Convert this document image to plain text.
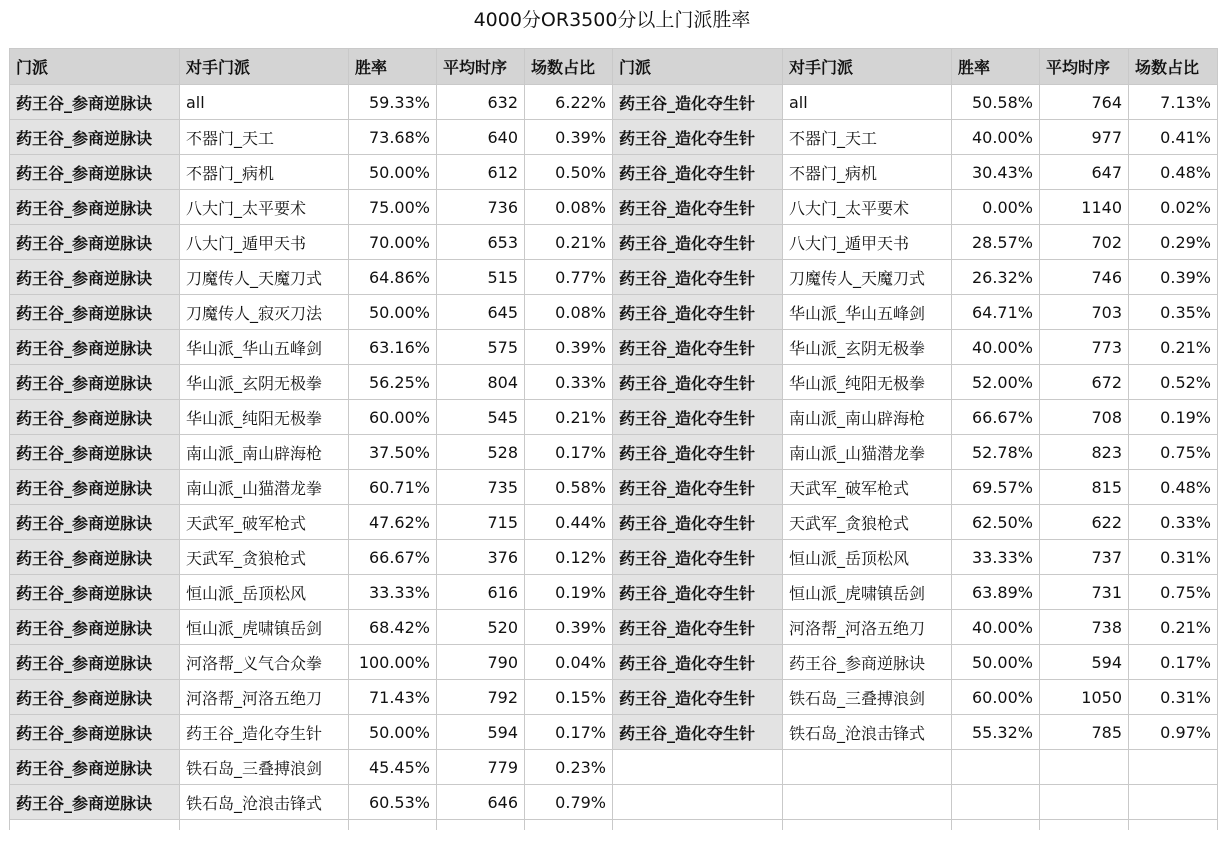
4000分OR3500分以上门派胜率
门派	对手门派	胜率	平均时序	场数占比	门派	对手门派	胜率	平均时序	场数占比
药王谷_参商逆脉诀	all	59.33%	632	6.22%	药王谷_造化夺生针	all	50.58%	764	7.13%
药王谷_参商逆脉诀	不器门_天工	73.68%	640	0.39%	药王谷_造化夺生针	不器门_天工	40.00%	977	0.41%
药王谷_参商逆脉诀	不器门_病机	50.00%	612	0.50%	药王谷_造化夺生针	不器门_病机	30.43%	647	0.48%
药王谷_参商逆脉诀	八大门_太平要术	75.00%	736	0.08%	药王谷_造化夺生针	八大门_太平要术	0.00%	1140	0.02%
药王谷_参商逆脉诀	八大门_遁甲天书	70.00%	653	0.21%	药王谷_造化夺生针	八大门_遁甲天书	28.57%	702	0.29%
药王谷_参商逆脉诀	刀魔传人_天魔刀式	64.86%	515	0.77%	药王谷_造化夺生针	刀魔传人_天魔刀式	26.32%	746	0.39%
药王谷_参商逆脉诀	刀魔传人_寂灭刀法	50.00%	645	0.08%	药王谷_造化夺生针	华山派_华山五峰剑	64.71%	703	0.35%
药王谷_参商逆脉诀	华山派_华山五峰剑	63.16%	575	0.39%	药王谷_造化夺生针	华山派_玄阴无极拳	40.00%	773	0.21%
药王谷_参商逆脉诀	华山派_玄阴无极拳	56.25%	804	0.33%	药王谷_造化夺生针	华山派_纯阳无极拳	52.00%	672	0.52%
药王谷_参商逆脉诀	华山派_纯阳无极拳	60.00%	545	0.21%	药王谷_造化夺生针	南山派_南山辟海枪	66.67%	708	0.19%
药王谷_参商逆脉诀	南山派_南山辟海枪	37.50%	528	0.17%	药王谷_造化夺生针	南山派_山猫潜龙拳	52.78%	823	0.75%
药王谷_参商逆脉诀	南山派_山猫潜龙拳	60.71%	735	0.58%	药王谷_造化夺生针	天武军_破军枪式	69.57%	815	0.48%
药王谷_参商逆脉诀	天武军_破军枪式	47.62%	715	0.44%	药王谷_造化夺生针	天武军_贪狼枪式	62.50%	622	0.33%
药王谷_参商逆脉诀	天武军_贪狼枪式	66.67%	376	0.12%	药王谷_造化夺生针	恒山派_岳顶松风	33.33%	737	0.31%
药王谷_参商逆脉诀	恒山派_岳顶松风	33.33%	616	0.19%	药王谷_造化夺生针	恒山派_虎啸镇岳剑	63.89%	731	0.75%
药王谷_参商逆脉诀	恒山派_虎啸镇岳剑	68.42%	520	0.39%	药王谷_造化夺生针	河洛帮_河洛五绝刀	40.00%	738	0.21%
药王谷_参商逆脉诀	河洛帮_义气合众拳	100.00%	790	0.04%	药王谷_造化夺生针	药王谷_参商逆脉诀	50.00%	594	0.17%
药王谷_参商逆脉诀	河洛帮_河洛五绝刀	71.43%	792	0.15%	药王谷_造化夺生针	铁石岛_三叠搏浪剑	60.00%	1050	0.31%
药王谷_参商逆脉诀	药王谷_造化夺生针	50.00%	594	0.17%	药王谷_造化夺生针	铁石岛_沧浪击锋式	55.32%	785	0.97%
药王谷_参商逆脉诀	铁石岛_三叠搏浪剑	45.45%	779	0.23%					
药王谷_参商逆脉诀	铁石岛_沧浪击锋式	60.53%	646	0.79%					
